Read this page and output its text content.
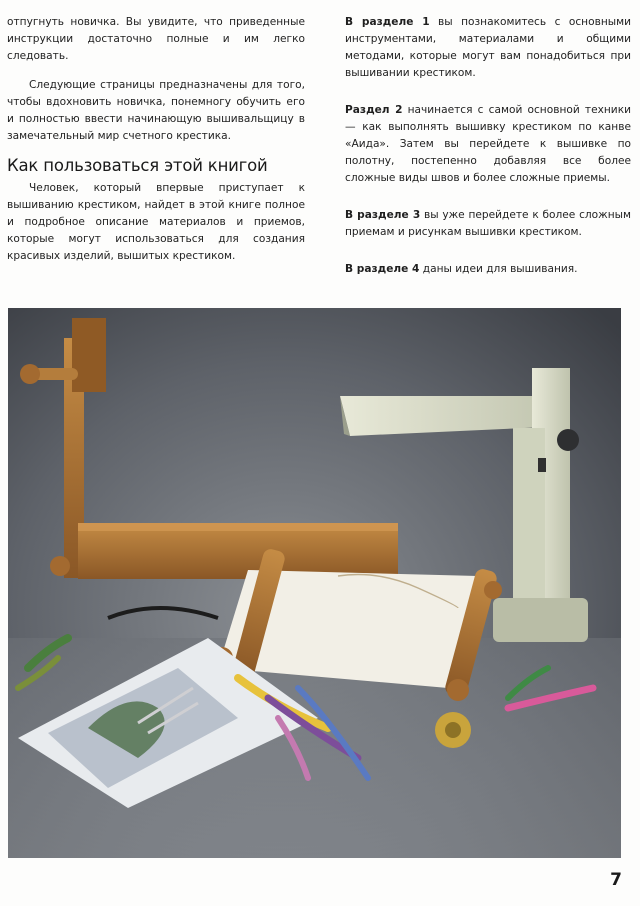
отпугнуть новичка. Вы увидите, что приведенные инструкции достаточно полные и им легко следовать.

Следующие страницы предназначены для того, чтобы вдохновить новичка, понемногу обучить его и полностью ввести начинающую вышивальщицу в замечательный мир счетного крестика.

Как пользоваться этой книгой

Человек, который впервые приступает к вышиванию крестиком, найдет в этой книге полное и подробное описание материалов и приемов, которые могут использоваться для создания красивых изделий, вышитых крестиком.

В разделе 1 вы познакомитесь с основными инструментами, материалами и общими методами, которые могут вам понадобиться при вышивании крестиком.

Раздел 2 начинается с самой основной техники — как выполнять вышивку крестиком по канве «Аида». Затем вы перейдете к вышивке по полотну, постепенно добавляя все более сложные виды швов и более сложные приемы.

В разделе 3 вы уже перейдете к более сложным приемам и рисункам вышивки крестиком.

В разделе 4 даны идеи для вышивания.

7
